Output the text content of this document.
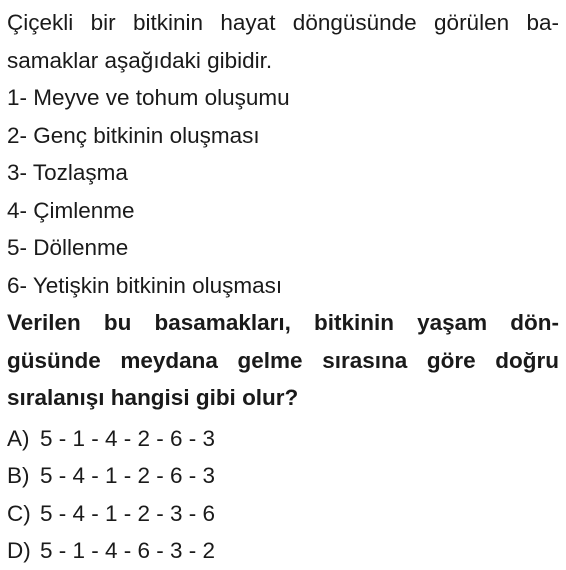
Çiçekli bir bitkinin hayat döngüsünde görülen ba-
samaklar aşağıdaki gibidir.
1- Meyve ve tohum oluşumu
2- Genç bitkinin oluşması
3- Tozlaşma
4- Çimlenme
5- Döllenme
6- Yetişkin bitkinin oluşması
Verilen bu basamakları, bitkinin yaşam dön-
güsünde meydana gelme sırasına göre doğru
sıralanışı hangisi gibi olur?
A) 5 - 1 - 4 - 2 - 6 - 3
B) 5 - 4 - 1 - 2 - 6 - 3
C) 5 - 4 - 1 - 2 - 3 - 6
D) 5 - 1 - 4 - 6 - 3 - 2
